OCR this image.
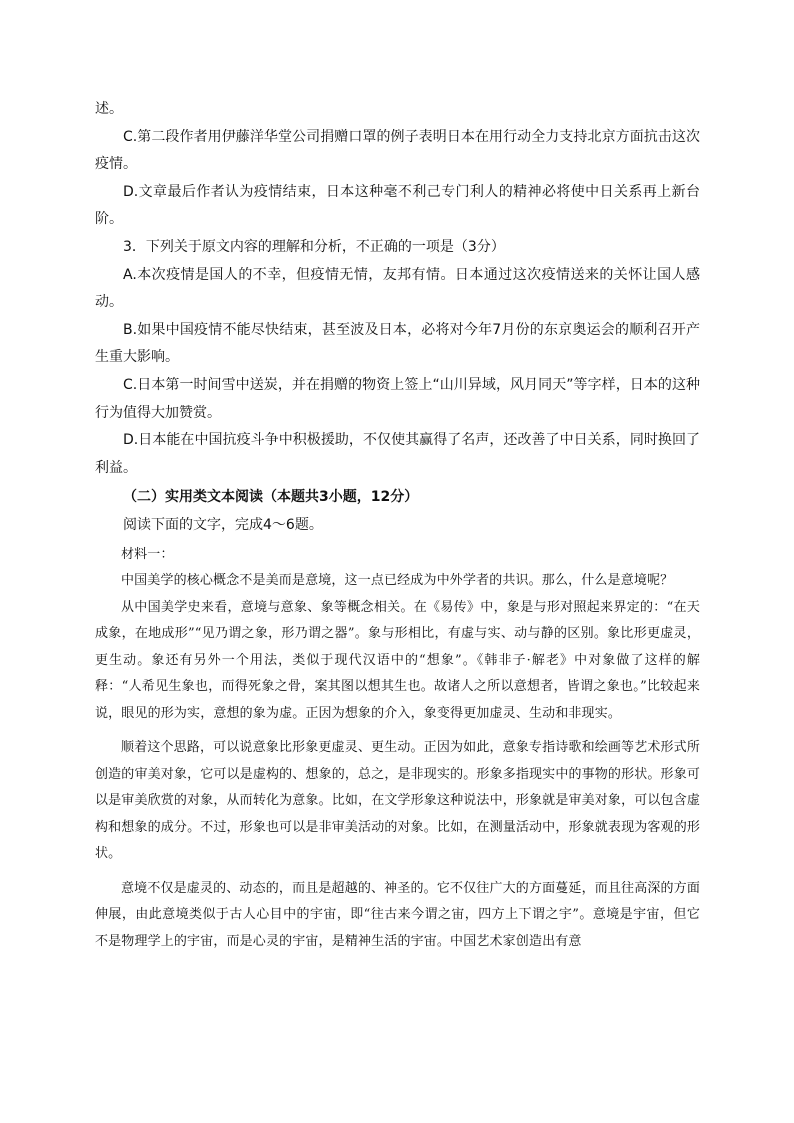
述。

C.第二段作者用伊藤洋华堂公司捐赠口罩的例子表明日本在用行动全力支持北京方面抗击这次疫情。

D.文章最后作者认为疫情结束，日本这种毫不利己专门利人的精神必将使中日关系再上新台阶。

3．下列关于原文内容的理解和分析，不正确的一项是（3分）

A.本次疫情是国人的不幸，但疫情无情，友邦有情。日本通过这次疫情送来的关怀让国人感动。

B.如果中国疫情不能尽快结束，甚至波及日本，必将对今年7月份的东京奥运会的顺利召开产生重大影响。

C.日本第一时间雪中送炭，并在捐赠的物资上签上“山川异域，风月同天”等字样，日本的这种行为值得大加赞赏。

D.日本能在中国抗疫斗争中积极援助，不仅使其赢得了名声，还改善了中日关系，同时换回了利益。

（二）实用类文本阅读（本题共3小题，12分）

阅读下面的文字，完成4～6题。

材料一：

中国美学的核心概念不是美而是意境，这一点已经成为中外学者的共识。那么，什么是意境呢？

从中国美学史来看，意境与意象、象等概念相关。在《易传》中，象是与形对照起来界定的：“在天成象，在地成形”“见乃谓之象，形乃谓之器”。象与形相比，有虚与实、动与静的区别。象比形更虚灵，更生动。象还有另外一个用法，类似于现代汉语中的“想象”。《韩非子·解老》中对象做了这样的解释：“人希见生象也，而得死象之骨，案其图以想其生也。故诸人之所以意想者，皆谓之象也。”比较起来说，眼见的形为实，意想的象为虚。正因为想象的介入，象变得更加虚灵、生动和非现实。

顺着这个思路，可以说意象比形象更虚灵、更生动。正因为如此，意象专指诗歌和绘画等艺术形式所创造的审美对象，它可以是虚构的、想象的，总之，是非现实的。形象多指现实中的事物的形状。形象可以是审美欣赏的对象，从而转化为意象。比如，在文学形象这种说法中，形象就是审美对象，可以包含虚构和想象的成分。不过，形象也可以是非审美活动的对象。比如，在测量活动中，形象就表现为客观的形状。

意境不仅是虚灵的、动态的，而且是超越的、神圣的。它不仅往广大的方面蔓延，而且往高深的方面伸展，由此意境类似于古人心目中的宇宙，即“往古来今谓之宙，四方上下谓之宇”。意境是宇宙，但它不是物理学上的宇宙，而是心灵的宇宙，是精神生活的宇宙。中国艺术家创造出有意
